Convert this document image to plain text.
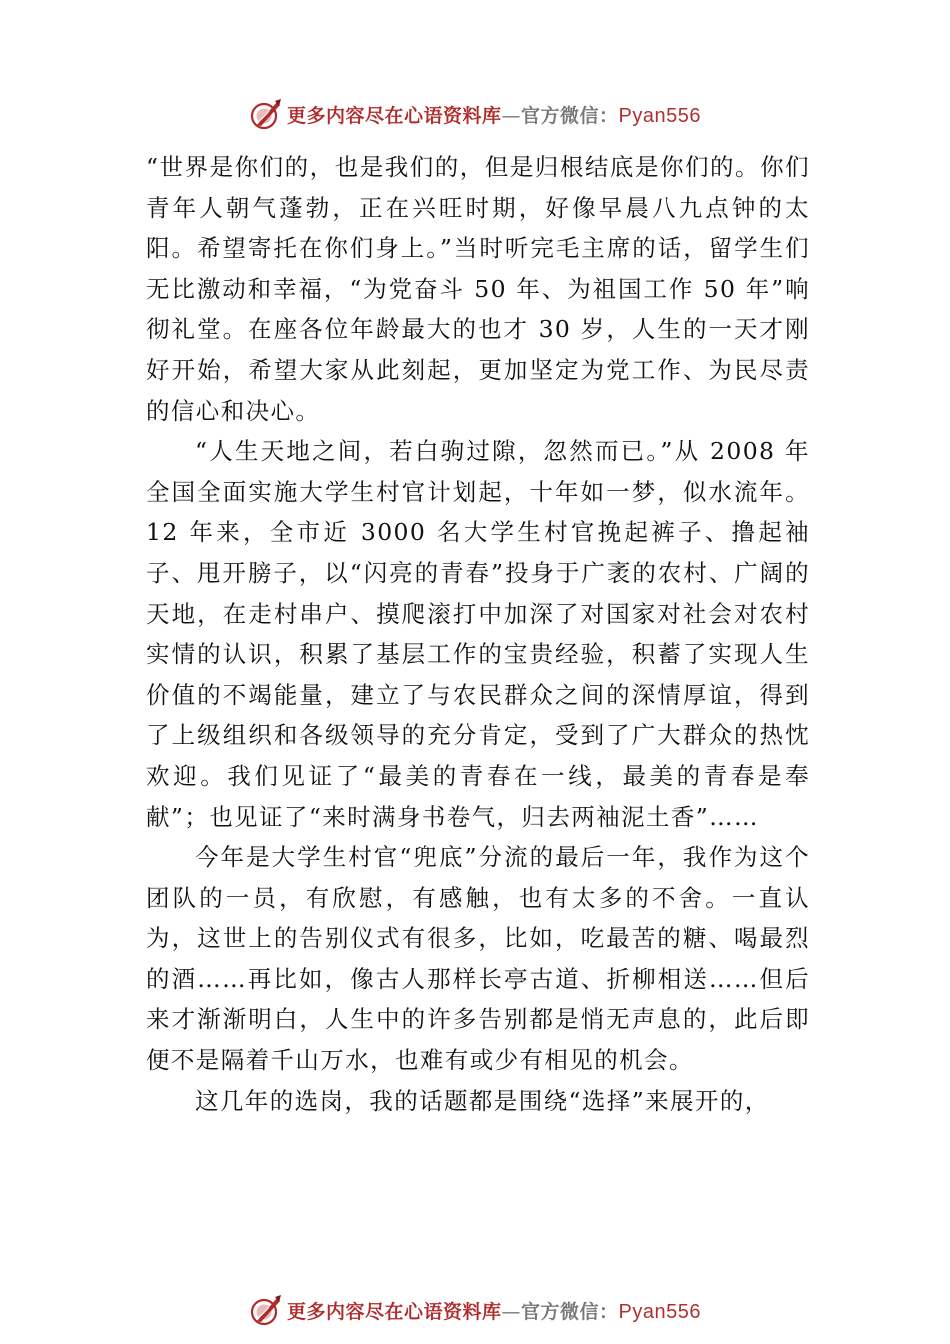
更多内容尽在心语资料库—官方微信：Pyan556

“世界是你们的，也是我们的，但是归根结底是你们的。你们青年人朝气蓬勃，正在兴旺时期，好像早晨八九点钟的太阳。希望寄托在你们身上。”当时听完毛主席的话，留学生们无比激动和幸福，“为党奋斗 50 年、为祖国工作 50 年”响彻礼堂。在座各位年龄最大的也才 30 岁，人生的一天才刚好开始，希望大家从此刻起，更加坚定为党工作、为民尽责的信心和决心。

“人生天地之间，若白驹过隙，忽然而已。”从 2008 年全国全面实施大学生村官计划起，十年如一梦，似水流年。12 年来，全市近 3000 名大学生村官挽起裤子、撸起袖子、甩开膀子，以“闪亮的青春”投身于广袤的农村、广阔的天地，在走村串户、摸爬滚打中加深了对国家对社会对农村实情的认识，积累了基层工作的宝贵经验，积蓄了实现人生价值的不竭能量，建立了与农民群众之间的深情厚谊，得到了上级组织和各级领导的充分肯定，受到了广大群众的热忱欢迎。我们见证了“最美的青春在一线，最美的青春是奉献”；也见证了“来时满身书卷气，归去两袖泥土香”……

今年是大学生村官“兜底”分流的最后一年，我作为这个团队的一员，有欣慰，有感触，也有太多的不舍。一直认为，这世上的告别仪式有很多，比如，吃最苦的糖、喝最烈的酒……再比如，像古人那样长亭古道、折柳相送……但后来才渐渐明白，人生中的许多告别都是悄无声息的，此后即便不是隔着千山万水，也难有或少有相见的机会。

这几年的选岗，我的话题都是围绕“选择”来展开的，

更多内容尽在心语资料库—官方微信：Pyan556
